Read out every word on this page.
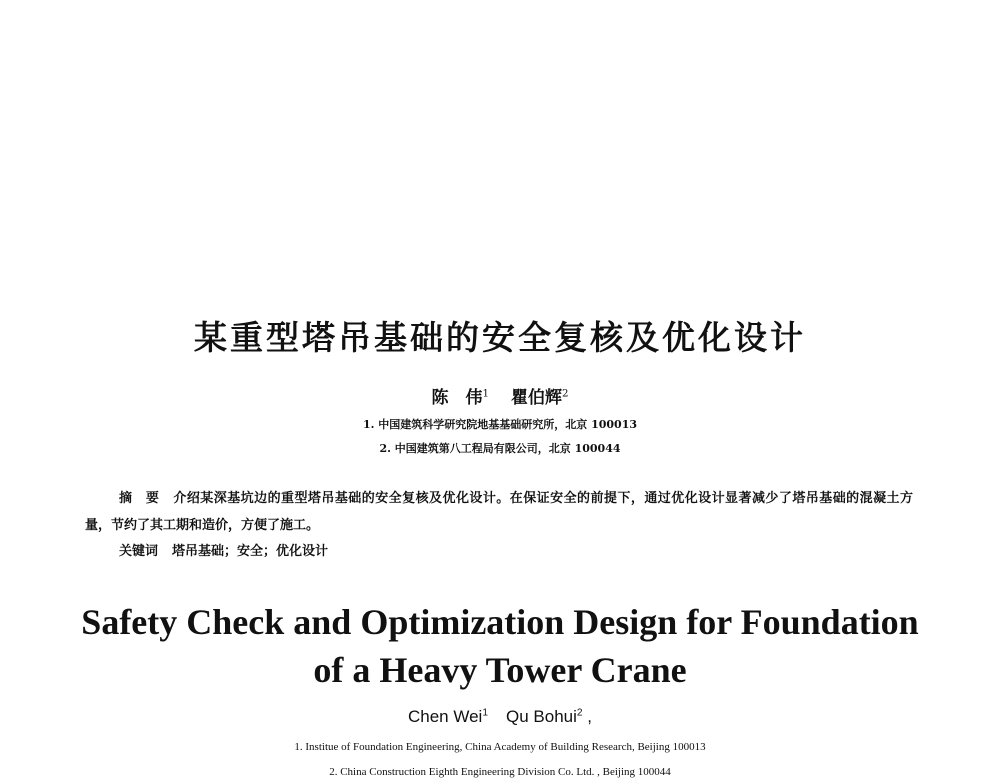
某重型塔吊基础的安全复核及优化设计
陈　伟$^1$ 瞿伯辉$^2$
1. 中国建筑科学研究院地基基础研究所，北京 100013
2. 中国建筑第八工程局有限公司，北京 100044
摘　要 介绍某深基坑边的重型塔吊基础的安全复核及优化设计。在保证安全的前提下，通过优化设计显著减少了塔吊基础的混凝土方量，节约了其工期和造价，方便了施工。
关键词 塔吊基础；安全；优化设计
Safety Check and Optimization Design for Foundation
of a Heavy Tower Crane
Chen Wei$^1$ Qu Bohui$^2$ ,
1. Institue of Foundation Engineering, China Academy of Building Research, Beijing 100013
2. China Construction Eighth Engineering Division Co. Ltd. , Beijing 100044
